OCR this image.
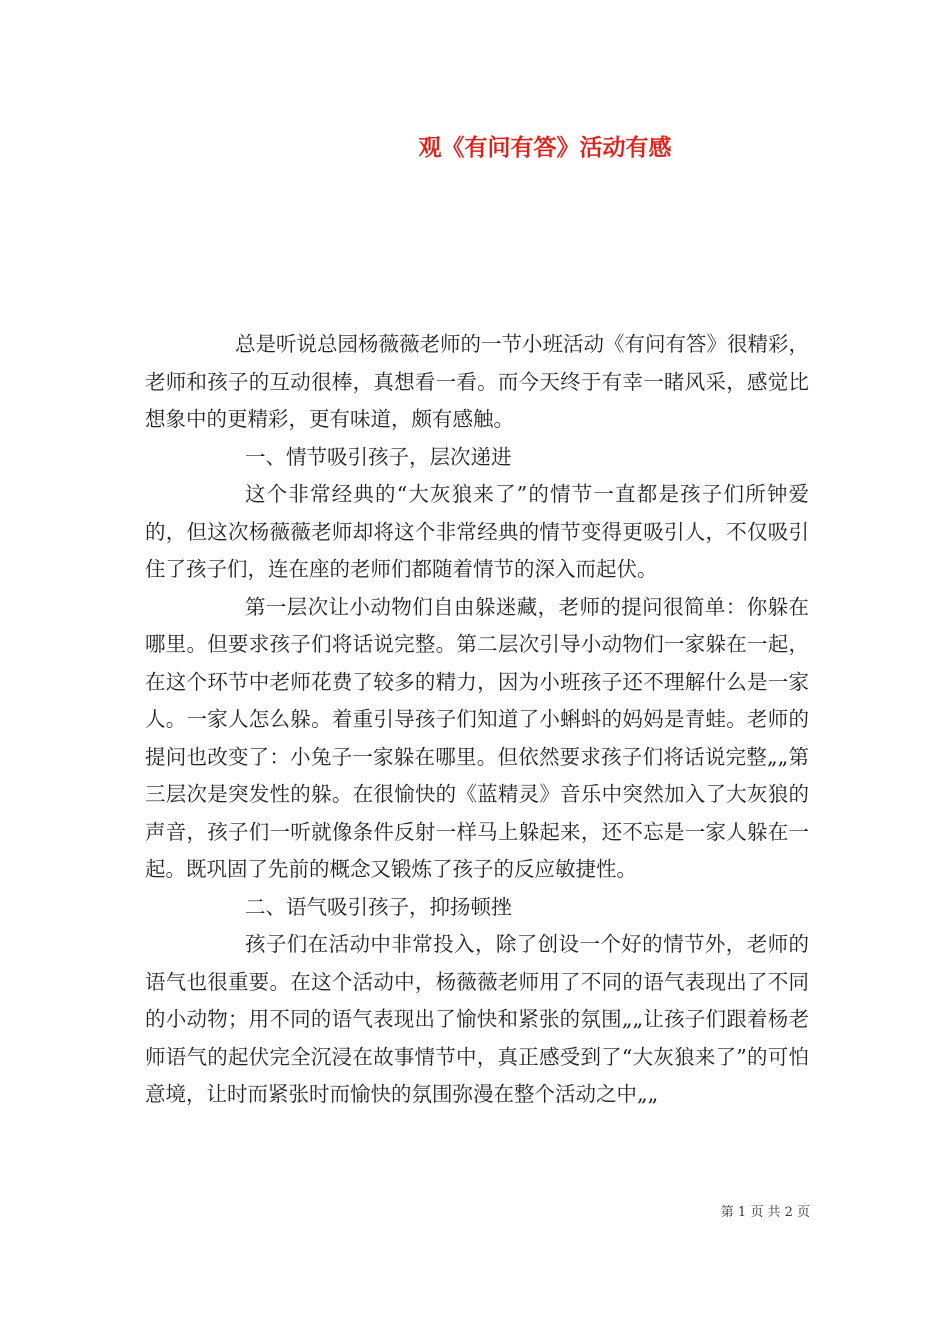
观《有问有答》活动有感

总是听说总园杨薇薇老师的一节小班活动《有问有答》很精彩，老师和孩子的互动很棒，真想看一看。而今天终于有幸一睹风采，感觉比想象中的更精彩，更有味道，颇有感触。

一、情节吸引孩子，层次递进

这个非常经典的“大灰狼来了”的情节一直都是孩子们所钟爱的，但这次杨薇薇老师却将这个非常经典的情节变得更吸引人，不仅吸引住了孩子们，连在座的老师们都随着情节的深入而起伏。

第一层次让小动物们自由躲迷藏，老师的提问很简单：你躲在哪里。但要求孩子们将话说完整。第二层次引导小动物们一家躲在一起，在这个环节中老师花费了较多的精力，因为小班孩子还不理解什么是一家人。一家人怎么躲。着重引导孩子们知道了小蝌蚪的妈妈是青蛙。老师的提问也改变了：小兔子一家躲在哪里。但依然要求孩子们将话说完整„„第三层次是突发性的躲。在很愉快的《蓝精灵》音乐中突然加入了大灰狼的声音，孩子们一听就像条件反射一样马上躲起来，还不忘是一家人躲在一起。既巩固了先前的概念又锻炼了孩子的反应敏捷性。

二、语气吸引孩子，抑扬顿挫

孩子们在活动中非常投入，除了创设一个好的情节外，老师的语气也很重要。在这个活动中，杨薇薇老师用了不同的语气表现出了不同的小动物；用不同的语气表现出了愉快和紧张的氛围„„让孩子们跟着杨老师语气的起伏完全沉浸在故事情节中，真正感受到了“大灰狼来了”的可怕意境，让时而紧张时而愉快的氛围弥漫在整个活动之中„„

第 1 页 共 2 页
